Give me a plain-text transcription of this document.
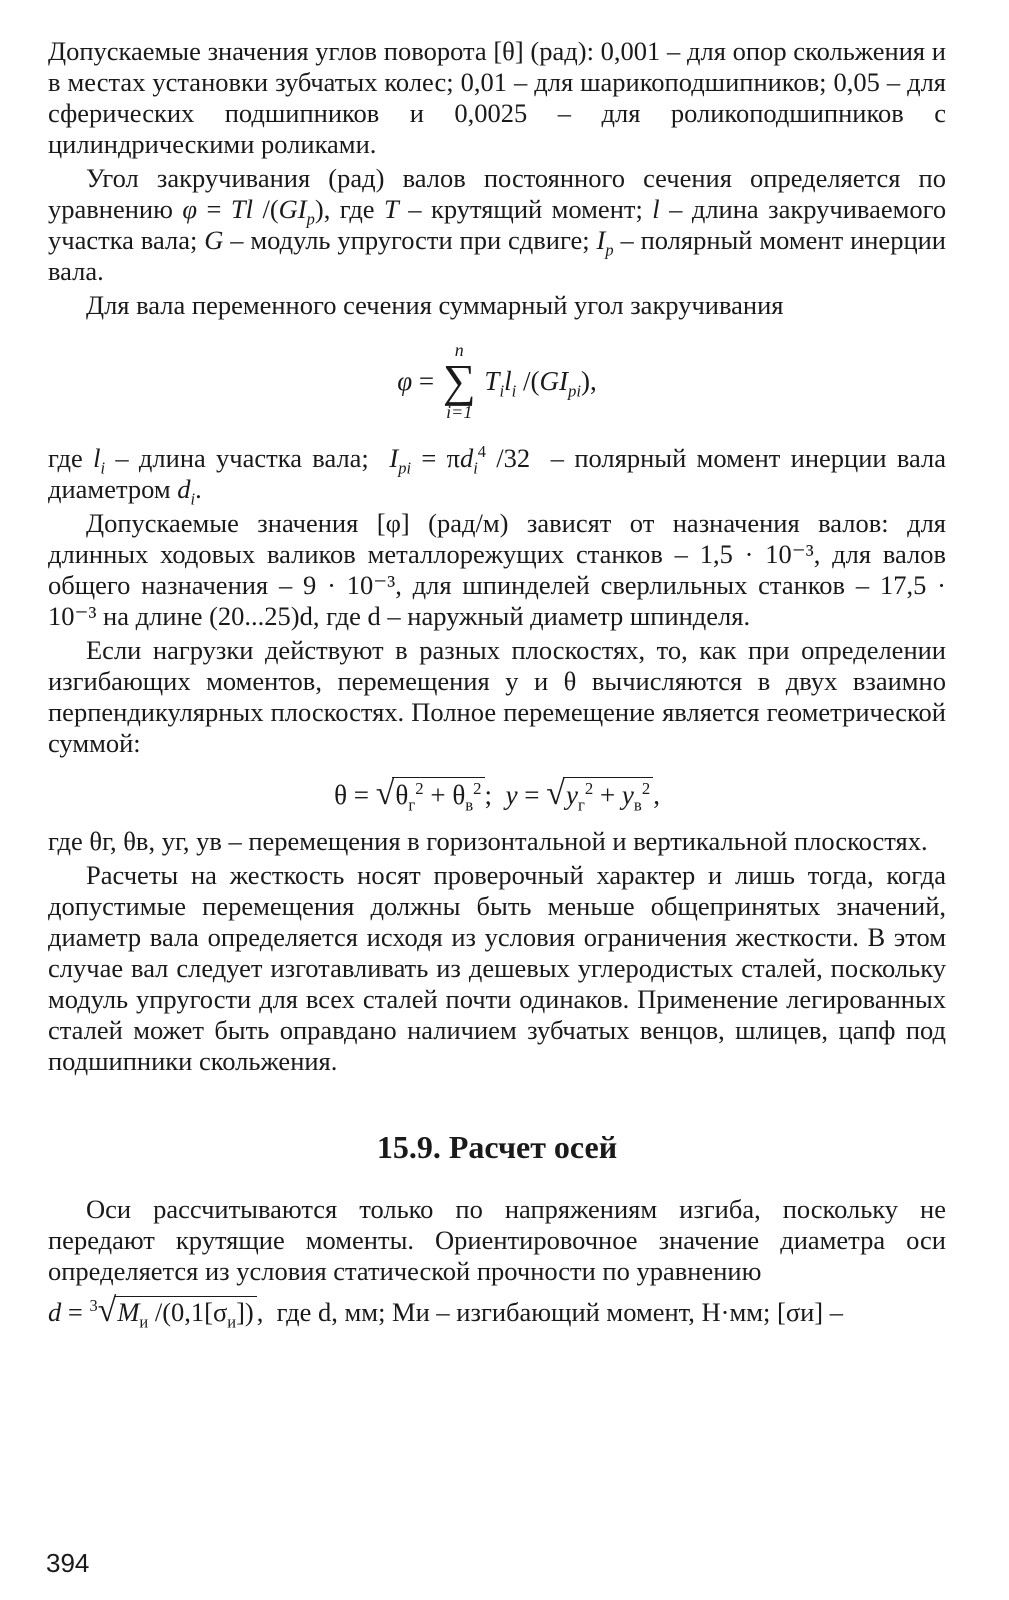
Допускаемые значения углов поворота [θ] (рад): 0,001 – для опор скольжения и в местах установки зубчатых колес; 0,01 – для шарикоподшипников; 0,05 – для сферических подшипников и 0,0025 – для роликоподшипников с цилиндрическими роликами.

Угол закручивания (рад) валов постоянного сечения определяется по уравнению φ = Tl $/(GI_p)$, где T – крутящий момент; l – длина закручиваемого участка вала; G – модуль упругости при сдвиге; $I_p$ – полярный момент инерции вала.

Для вала переменного сечения суммарный угол закручивания

φ =
n
∑
i=1
$T_il_i$ $/(GI_{pi})$,

где $l_i$ – длина участка вала; $I_{pi} = \pi d_i^4$ /32  – полярный момент инерции вала диаметром $d_i$.

Допускаемые значения [φ] (рад/м) зависят от назначения валов: для длинных ходовых валиков металлорежущих станков – 1,5 · 10⁻³, для валов общего назначения – 9 · 10⁻³, для шпинделей сверлильных станков – 17,5 · 10⁻³ на длине (20...25)d, где d – наружный диаметр шпинделя.

Если нагрузки действуют в разных плоскостях, то, как при определении изгибающих моментов, перемещения y и θ вычисляются в двух взаимно перпендикулярных плоскостях. Полное перемещение является геометрической суммой:

$\theta = √\theta_г^2 + \theta_в^2$ ;  $y = √y_г^2 + y_в^2$ ,

где θг, θв, yг, yв – перемещения в горизонтальной и вертикальной плоскостях.

Расчеты на жесткость носят проверочный характер и лишь тогда, когда допустимые перемещения должны быть меньше общепринятых значений, диаметр вала определяется исходя из условия ограничения жесткости. В этом случае вал следует изготавливать из дешевых углеродистых сталей, поскольку модуль упругости для всех сталей почти одинаков. Применение легированных сталей может быть оправдано наличием зубчатых венцов, шлицев, цапф под подшипники скольжения.

15.9. Расчет осей

Оси рассчитываются только по напряжениям изгиба, поскольку не передают крутящие моменты. Ориентировочное значение диаметра оси определяется из условия статической прочности по уравнению

$d = ^3√M_и$ $/(0,1[\sigma_и])$ , где d, мм; Mи – изгибающий момент, Н·мм; [σи] –

394
